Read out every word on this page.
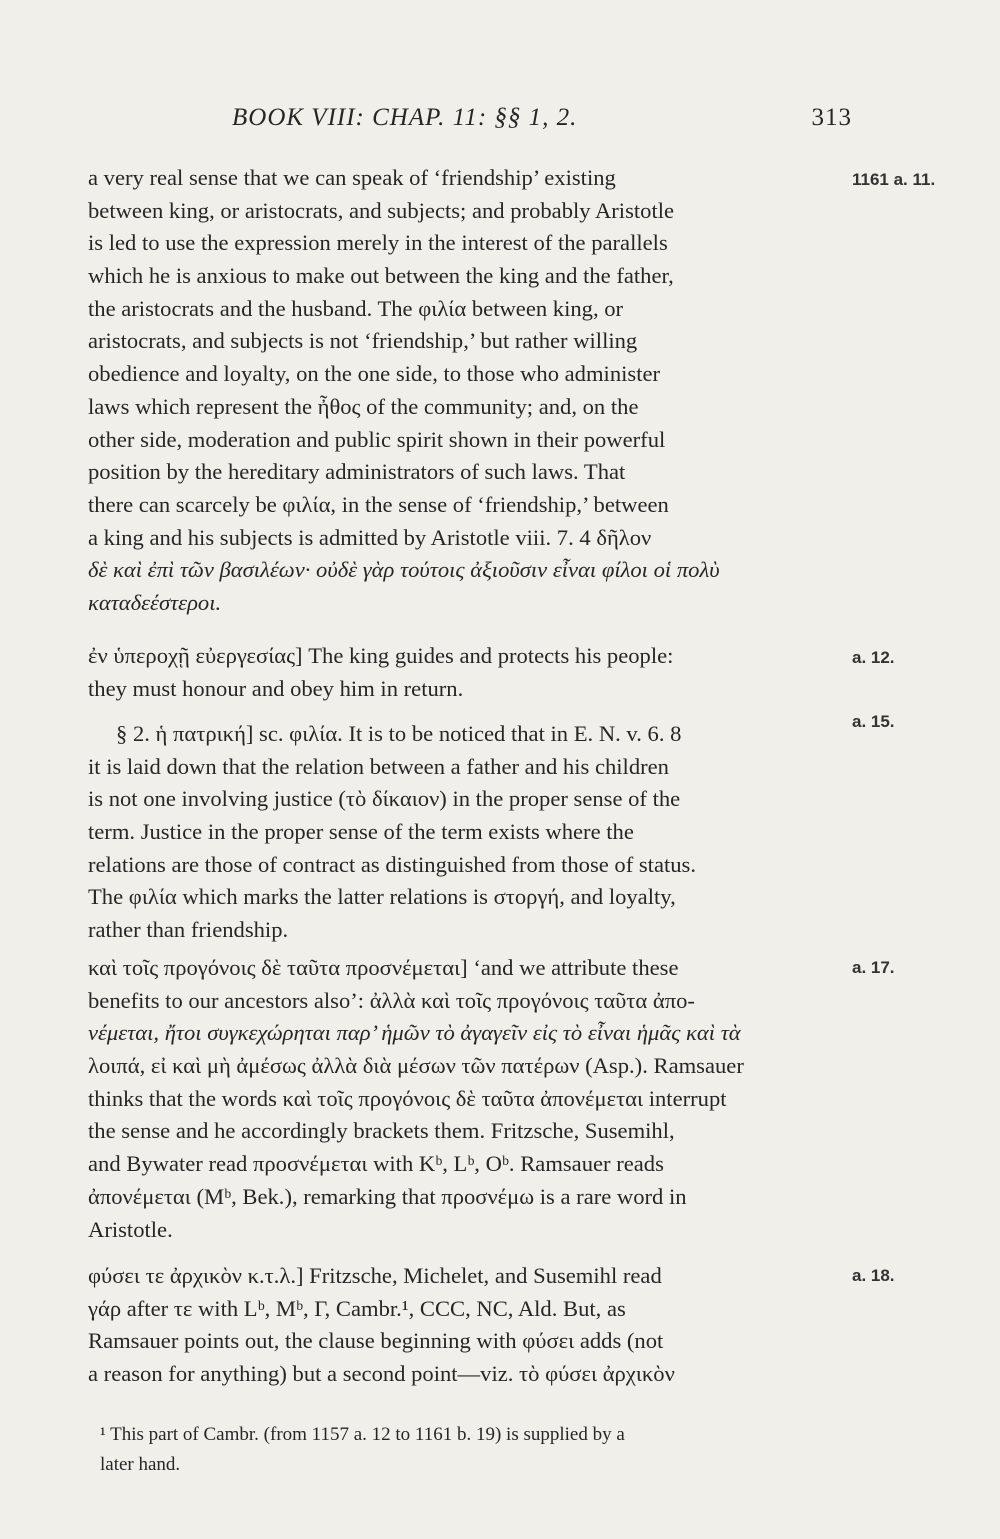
BOOK VIII: CHAP. 11: §§ 1, 2.	313
a very real sense that we can speak of ‘friendship’ existing
between king, or aristocrats, and subjects; and probably Aristotle
is led to use the expression merely in the interest of the parallels
which he is anxious to make out between the king and the father,
the aristocrats and the husband. The φιλία between king, or
aristocrats, and subjects is not ‘friendship,’ but rather willing
obedience and loyalty, on the one side, to those who administer
laws which represent the ἦθος of the community; and, on the
other side, moderation and public spirit shown in their powerful
position by the hereditary administrators of such laws. That
there can scarcely be φιλία, in the sense of ‘friendship,’ between
a king and his subjects is admitted by Aristotle viii. 7. 4 δῆλον
δὲ καὶ ἐπὶ τῶν βασιλέων· οὐδὲ γὰρ τούτοις ἀξιοῦσιν εἶναι φίλοι οἱ πολὺ
καταδεέστεροι.
ἐν ὑπεροχῇ εὐεργεσίας] The king guides and protects his people:
they must honour and obey him in return.
§ 2. ἡ πατρική] sc. φιλία. It is to be noticed that in E. N. v. 6. 8
it is laid down that the relation between a father and his children
is not one involving justice (τὸ δίκαιον) in the proper sense of the
term. Justice in the proper sense of the term exists where the
relations are those of contract as distinguished from those of status.
The φιλία which marks the latter relations is στοργή, and loyalty,
rather than friendship.
καὶ τοῖς προγόνοις δὲ ταῦτα προσνέμεται] ‘and we attribute these
benefits to our ancestors also’: ἀλλὰ καὶ τοῖς προγόνοις ταῦτα ἀπο-
νέμεται, ἤτοι συγκεχώρηται παρ’ ἡμῶν τὸ ἀγαγεῖν εἰς τὸ εἶναι ἡμᾶς καὶ τὰ
λοιπά, εἰ καὶ μὴ ἀμέσως ἀλλὰ διὰ μέσων τῶν πατέρων (Asp.). Ramsauer
thinks that the words καὶ τοῖς προγόνοις δὲ ταῦτα ἀπονέμεται interrupt
the sense and he accordingly brackets them. Fritzsche, Susemihl,
and Bywater read προσνέμεται with Kᵇ, Lᵇ, Oᵇ. Ramsauer reads
ἀπονέμεται (Mᵇ, Bek.), remarking that προσνέμω is a rare word in
Aristotle.
φύσει τε ἀρχικὸν κ.τ.λ.] Fritzsche, Michelet, and Susemihl read
γάρ after τε with Lᵇ, Mᵇ, Γ, Cambr.¹, CCC, NC, Ald. But, as
Ramsauer points out, the clause beginning with φύσει adds (not
a reason for anything) but a second point—viz. τὸ φύσει ἀρχικὸν
1161 a. 11.
a. 12.
a. 15.
a. 17.
a. 18.
¹ This part of Cambr. (from 1157 a. 12 to 1161 b. 19) is supplied by a
later hand.
